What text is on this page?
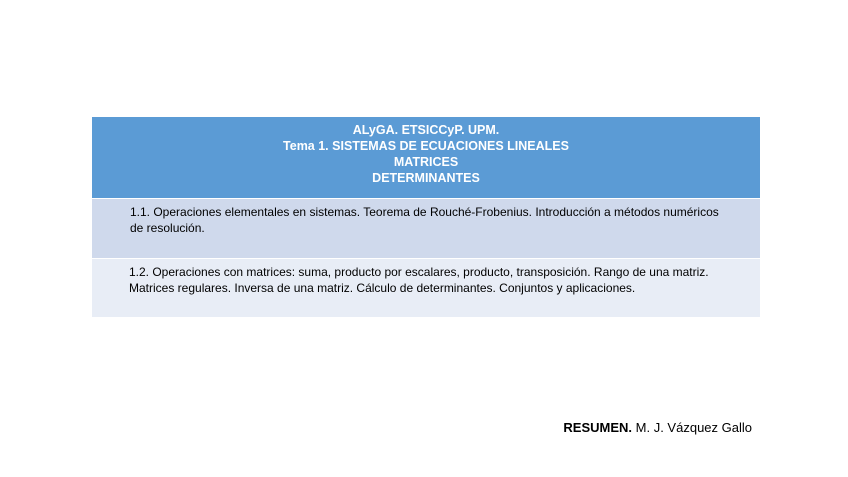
ALyGA. ETSICCyP. UPM.
Tema 1. SISTEMAS DE ECUACIONES LINEALES
MATRICES
DETERMINANTES
1.1. Operaciones elementales en sistemas. Teorema de Rouché-Frobenius. Introducción a métodos numéricos de resolución.
1.2. Operaciones con matrices: suma, producto por escalares, producto, transposición. Rango de una matriz. Matrices regulares. Inversa de una matriz. Cálculo de determinantes. Conjuntos y aplicaciones.
RESUMEN. M. J. Vázquez Gallo
